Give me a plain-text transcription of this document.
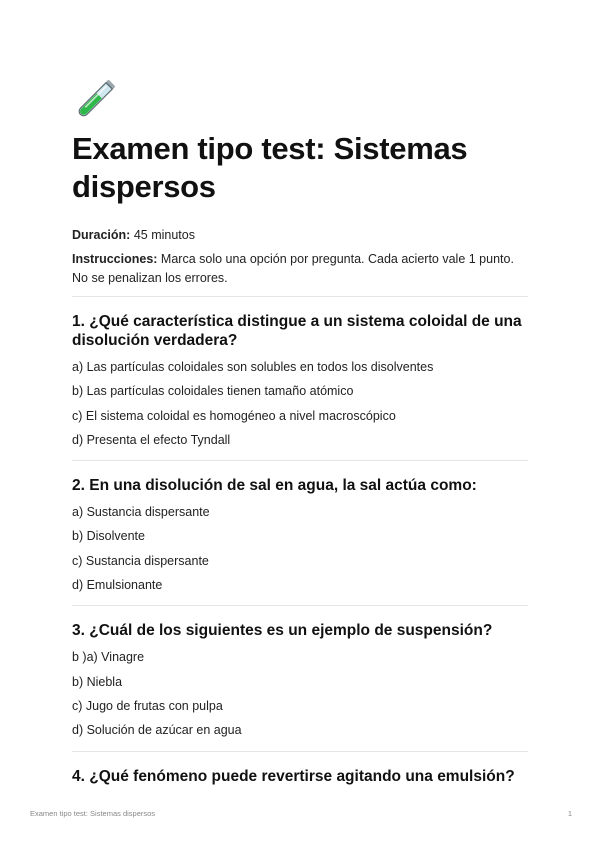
Examen tipo test: Sistemas dispersos

Duración: 45 minutos

Instrucciones: Marca solo una opción por pregunta. Cada acierto vale 1 punto. No se penalizan los errores.

1. ¿Qué característica distingue a un sistema coloidal de una disolución verdadera?
a) Las partículas coloidales son solubles en todos los disolventes
b) Las partículas coloidales tienen tamaño atómico
c) El sistema coloidal es homogéneo a nivel macroscópico
d) Presenta el efecto Tyndall
2. En una disolución de sal en agua, la sal actúa como:
a) Sustancia dispersante
b) Disolvente
c) Sustancia dispersante
d) Emulsionante
3. ¿Cuál de los siguientes es un ejemplo de suspensión?
b )a) Vinagre
b) Niebla
c) Jugo de frutas con pulpa
d) Solución de azúcar en agua
4. ¿Qué fenómeno puede revertirse agitando una emulsión?
Examen tipo test: Sistemas dispersos	1
